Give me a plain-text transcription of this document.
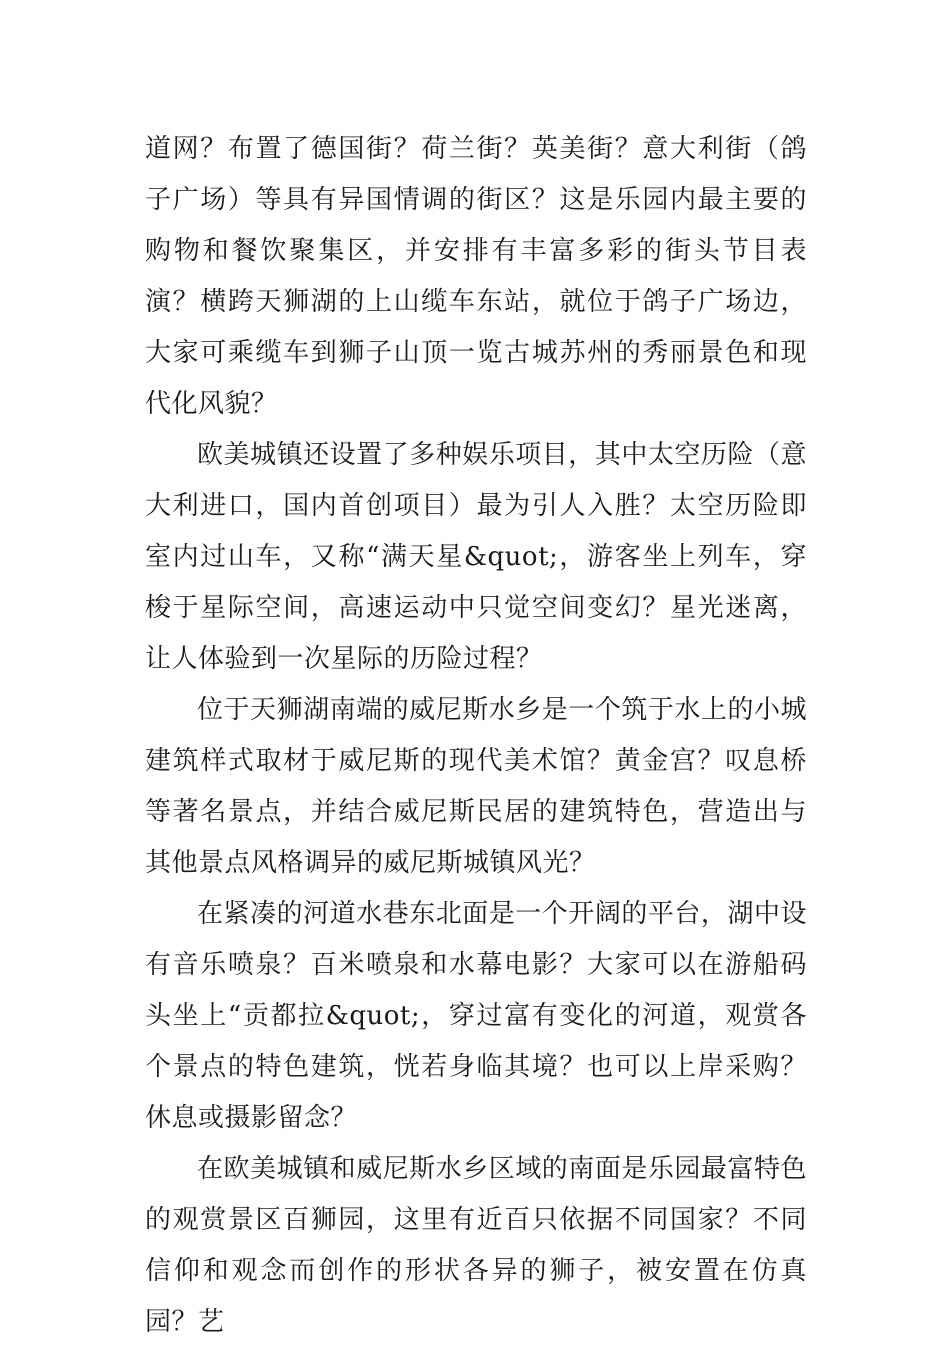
道网？布置了德国街？荷兰街？英美街？意大利街（鸽子广场）等具有异国情调的街区？这是乐园内最主要的购物和餐饮聚集区，并安排有丰富多彩的街头节目表演？横跨天狮湖的上山缆车东站，就位于鸽子广场边，大家可乘缆车到狮子山顶一览古城苏州的秀丽景色和现代化风貌？

欧美城镇还设置了多种娱乐项目，其中太空历险（意大利进口，国内首创项目）最为引人入胜？太空历险即室内过山车，又称“满天星&quot;，游客坐上列车，穿梭于星际空间，高速运动中只觉空间变幻？星光迷离，让人体验到一次星际的历险过程？

位于天狮湖南端的威尼斯水乡是一个筑于水上的小城建筑样式取材于威尼斯的现代美术馆？黄金宫？叹息桥等著名景点，并结合威尼斯民居的建筑特色，营造出与其他景点风格调异的威尼斯城镇风光？

在紧凑的河道水巷东北面是一个开阔的平台，湖中设有音乐喷泉？百米喷泉和水幕电影？大家可以在游船码头坐上“贡都拉&quot;，穿过富有变化的河道，观赏各个景点的特色建筑，恍若身临其境？也可以上岸采购？休息或摄影留念？

在欧美城镇和威尼斯水乡区域的南面是乐园最富特色的观赏景区百狮园，这里有近百只依据不同国家？不同信仰和观念而创作的形状各异的狮子，被安置在仿真园？艺
